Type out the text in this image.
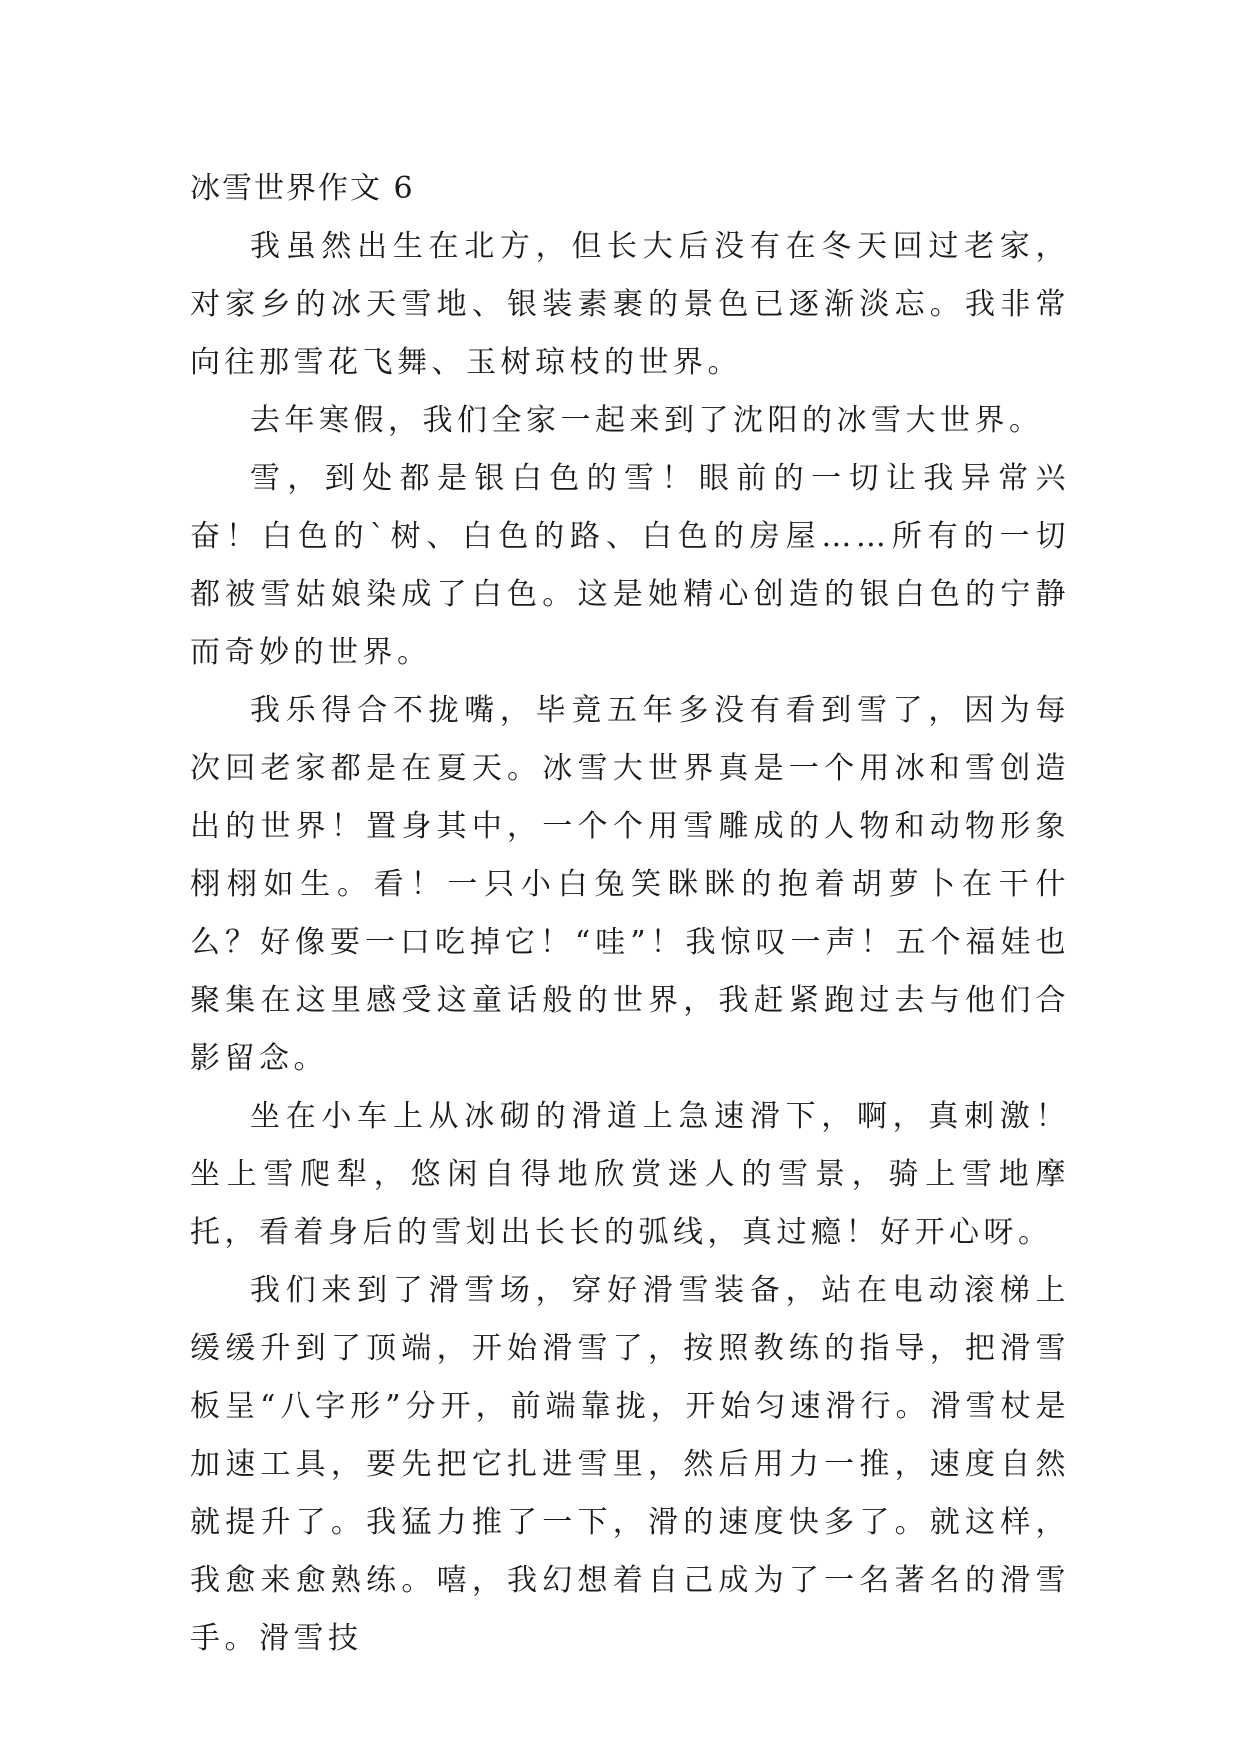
冰雪世界作文 6

我虽然出生在北方，但长大后没有在冬天回过老家，对家乡的冰天雪地、银装素裹的景色已逐渐淡忘。我非常向往那雪花飞舞、玉树琼枝的世界。

去年寒假，我们全家一起来到了沈阳的冰雪大世界。

雪，到处都是银白色的雪！眼前的一切让我异常兴奋！白色的`树、白色的路、白色的房屋……所有的一切都被雪姑娘染成了白色。这是她精心创造的银白色的宁静而奇妙的世界。

我乐得合不拢嘴，毕竟五年多没有看到雪了，因为每次回老家都是在夏天。冰雪大世界真是一个用冰和雪创造出的世界！置身其中，一个个用雪雕成的人物和动物形象栩栩如生。看！一只小白兔笑眯眯的抱着胡萝卜在干什么？好像要一口吃掉它！“哇”！我惊叹一声！五个福娃也聚集在这里感受这童话般的世界，我赶紧跑过去与他们合影留念。

坐在小车上从冰砌的滑道上急速滑下，啊，真刺激！坐上雪爬犁，悠闲自得地欣赏迷人的雪景，骑上雪地摩托，看着身后的雪划出长长的弧线，真过瘾！好开心呀。

我们来到了滑雪场，穿好滑雪装备，站在电动滚梯上缓缓升到了顶端，开始滑雪了，按照教练的指导，把滑雪板呈“八字形”分开，前端靠拢，开始匀速滑行。滑雪杖是加速工具，要先把它扎进雪里，然后用力一推，速度自然就提升了。我猛力推了一下，滑的速度快多了。就这样，我愈来愈熟练。嘻，我幻想着自己成为了一名著名的滑雪手。滑雪技
